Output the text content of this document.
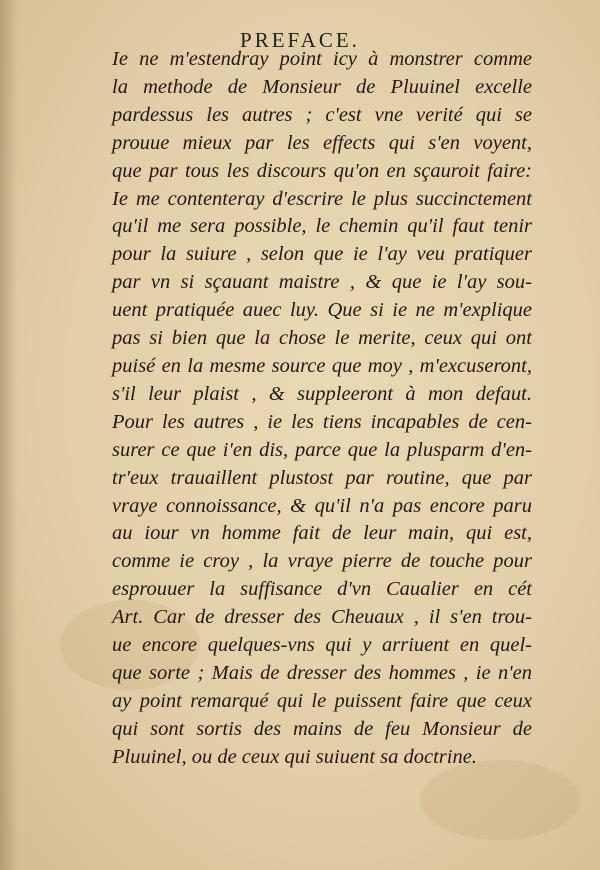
PREFACE.
Ie ne m'estendray point icy à monstrer comme
la methode de Monsieur de Pluuinel excelle
pardessus les autres ; c'est vne verité qui se
prouue mieux par les effects qui s'en voyent,
que par tous les discours qu'on en sçauroit faire:
Ie me contenteray d'escrire le plus succinctement
qu'il me sera possible, le chemin qu'il faut tenir
pour la suiure , selon que ie l'ay veu pratiquer
par vn si sçauant maistre , & que ie l'ay sou-
uent pratiquée auec luy. Que si ie ne m'explique
pas si bien que la chose le merite, ceux qui ont
puisé en la mesme source que moy , m'excuseront,
s'il leur plaist , & suppleeront à mon defaut.
Pour les autres , ie les tiens incapables de cen-
surer ce que i'en dis, parce que la plusparт d'en-
tr'eux trauaillent plustost par routine, que par
vraye connoissance, & qu'il n'a pas encore paru
au iour vn homme fait de leur main, qui est,
comme ie croy , la vraye pierre de touche pour
esprouuer la suffisance d'vn Caualier en cét
Art. Car de dresser des Cheuaux , il s'en trou-
ue encore quelques-vns qui y arriuent en quel-
que sorte ; Mais de dresser des hommes , ie n'en
ay point remarqué qui le puissent faire que ceux
qui sont sortis des mains de feu Monsieur de
Pluuinel, ou de ceux qui suiuent sa doctrine.
